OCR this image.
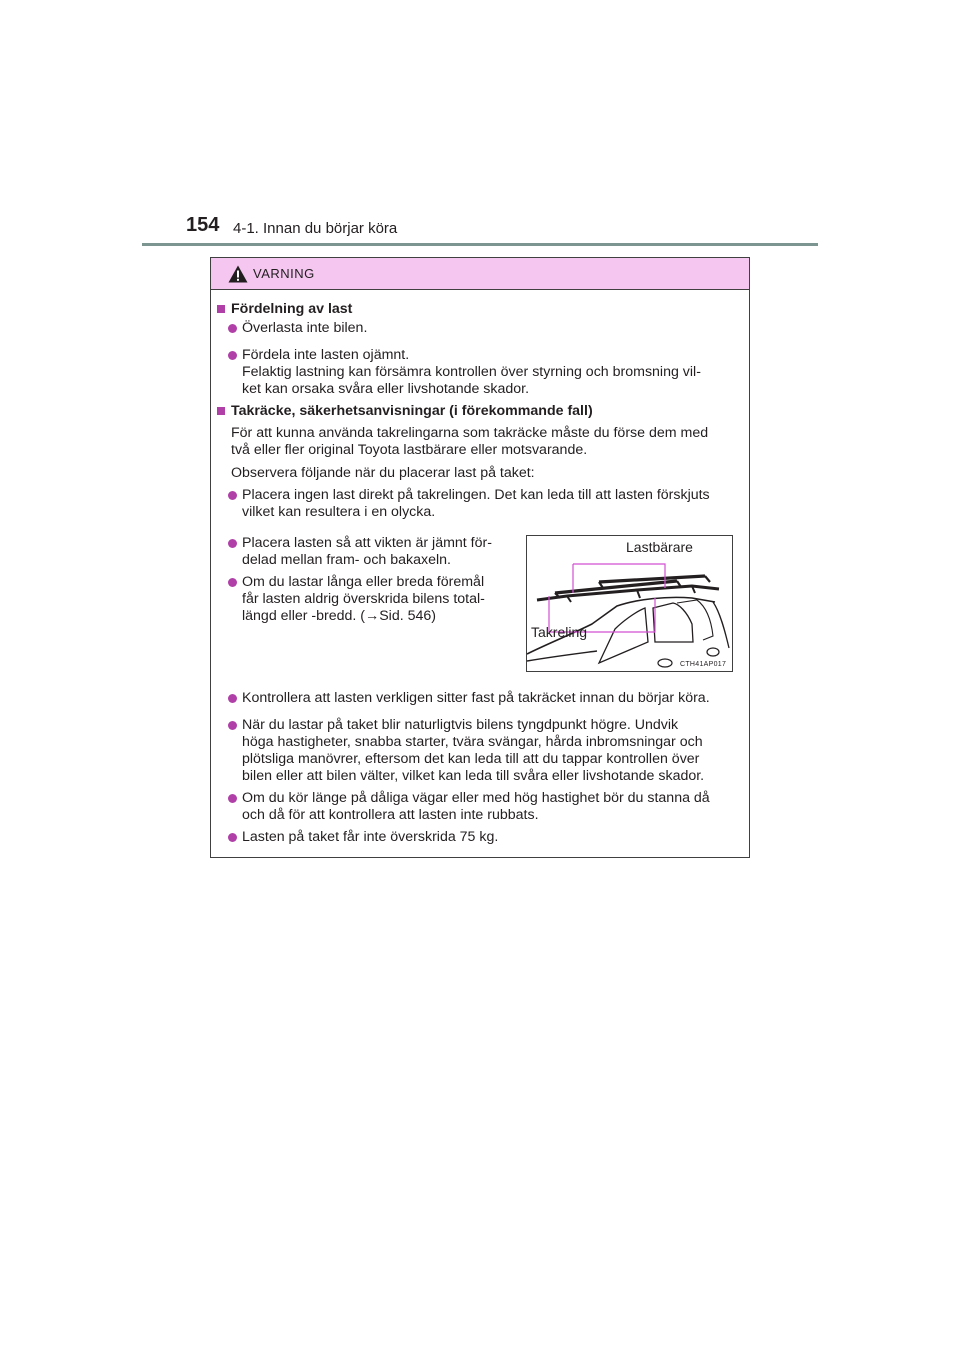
154 4-1. Innan du börjar köra
VARNING
Fördelning av last
Överlasta inte bilen.
Fördela inte lasten ojämnt.
Felaktig lastning kan försämra kontrollen över styrning och bromsning vil-
ket kan orsaka svåra eller livshotande skador.
Takräcke, säkerhetsanvisningar (i förekommande fall)
För att kunna använda takrelingarna som takräcke måste du förse dem med
två eller fler original Toyota lastbärare eller motsvarande.
Observera följande när du placerar last på taket:
Placera ingen last direkt på takrelingen. Det kan leda till att lasten förskjuts
vilket kan resultera i en olycka.
Placera lasten så att vikten är jämnt för-
delad mellan fram- och bakaxeln.
Om du lastar långa eller breda föremål
får lasten aldrig överskrida bilens total-
längd eller -bredd. (→Sid. 546)
Lastbärare
Takreling
CTH41AP017
Kontrollera att lasten verkligen sitter fast på takräcket innan du börjar köra.
När du lastar på taket blir naturligtvis bilens tyngdpunkt högre. Undvik
höga hastigheter, snabba starter, tvära svängar, hårda inbromsningar och
plötsliga manövrer, eftersom det kan leda till att du tappar kontrollen över
bilen eller att bilen välter, vilket kan leda till svåra eller livshotande skador.
Om du kör länge på dåliga vägar eller med hög hastighet bör du stanna då
och då för att kontrollera att lasten inte rubbats.
Lasten på taket får inte överskrida 75 kg.
